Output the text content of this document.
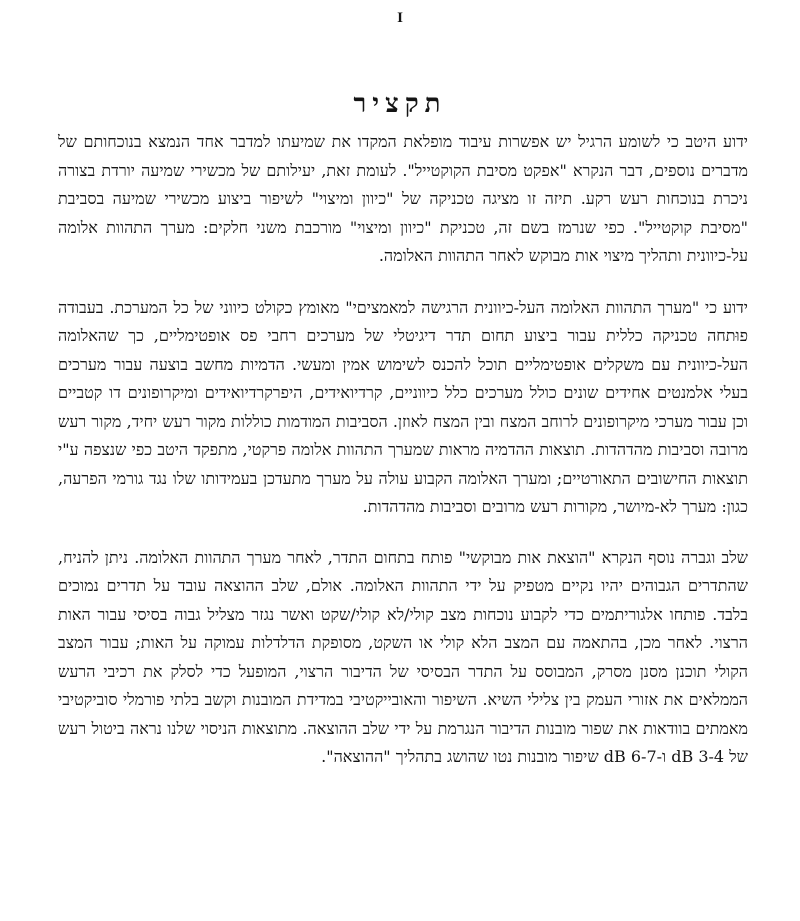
I
תקציר

ידוע היטב כי לשומע הרגיל יש אפשרות עיבוד מופלאת המקדו את שמיעתו למדבר אחד הנמצא בנוכחותם של מדברים נוספים, דבר הנקרא "אפקט מסיבת הקוקטייל". לעומת זאת, יעילותם של מכשירי שמיעה יורדת בצורה ניכרת בנוכחות רעש רקע. תיזה זו מציגה טכניקה של "כיוון ומיצוי" לשיפור ביצוע מכשירי שמיעה בסביבת "מסיבת קוקטייל". כפי שנרמז בשם זה, טכניקת "כיוון ומיצוי" מורכבת משני חלקים: מערך התהוות אלומה על-כיוונית ותהליך מיצוי אות מבוקש לאחר התהוות האלומה.

ידוע כי "מערך התהוות האלומה העל-כיוונית הרגישה למאמציםי" מאומץ כקולט כיווני של כל המערכת. בעבודה פוּתחה טכניקה כללית עבור ביצוע תחום תדר דיגיטלי של מערכים רחבי פס אופטימליים, כך שהאלומה העל-כיוונית עם משקלים אופטימליים תוכל להכנס לשימוש אמין ומעשי. הדמיות מחשב בוצעה עבור מערכים בעלי אלמנטים אחידים שונים כולל מערכים כלל כיווניים, קרדיואידים, היפרקרדיואידים ומיקרופונים דו קטביים וכן עבור מערכי מיקרופונים לרוחב המצח ובין המצח לאוזן. הסביבות המודמות כוללות מקור רעש יחיד, מקור רעש מרובה וסביבות מהדהדות. תוצאות ההדמיה מראות שמערך התהוות אלומה פרקטי, מתפקד היטב כפי שנצפה ע"י תוצאות החישובים התאורטיים; ומערך האלומה הקבוע עולה על מערך מתעדכן בעמידותו שלו נגד גורמי הפרעה, כגון: מערך לא-מיושר, מקורות רעש מרובים וסביבות מהדהדות.

שלב וגברה נוסף הנקרא "הוצאת אות מבוקשי" פותח בתחום התדר, לאחר מערך התהוות האלומה. ניתן להניח, שהתדרים הגבוהים יהיו נקיים מטפיק על ידי התהוות האלומה. אולם, שלב ההוצאה עובד על תדרים נמוכים בלבד. פותחו אלגוריתמים כדי לקבוע נוכחות מצב קולי/לא קולי/שקט ואשר נגזר מצליל גבוה בסיסי עבור האות הרצוי. לאחר מכן, בהתאמה עם המצב הלא קולי או השקט, מסופקת הדלדלות עמוקה על האות; עבור המצב הקולי תוכנן מסנן מסרק, המבוסס על התדר הבסיסי של הדיבור הרצוי, המופעל כדי לסלק את רכיבי הרעש הממלאים את אזורי העמק בין צלילי השיא. השיפור והאובייקטיבי במדידת המובנות וקשב בלתי פורמלי סוביקטיבי מאמתים בוודאות את שפור מובנות הדיבור הנגרמת על ידי שלב ההוצאה. מתוצאות הניסוי שלנו נראה ביטול רעש של 3-4 dB ו-6-7 dB שיפור מובנות נטו שהושג בתהליך "ההוצאה".
